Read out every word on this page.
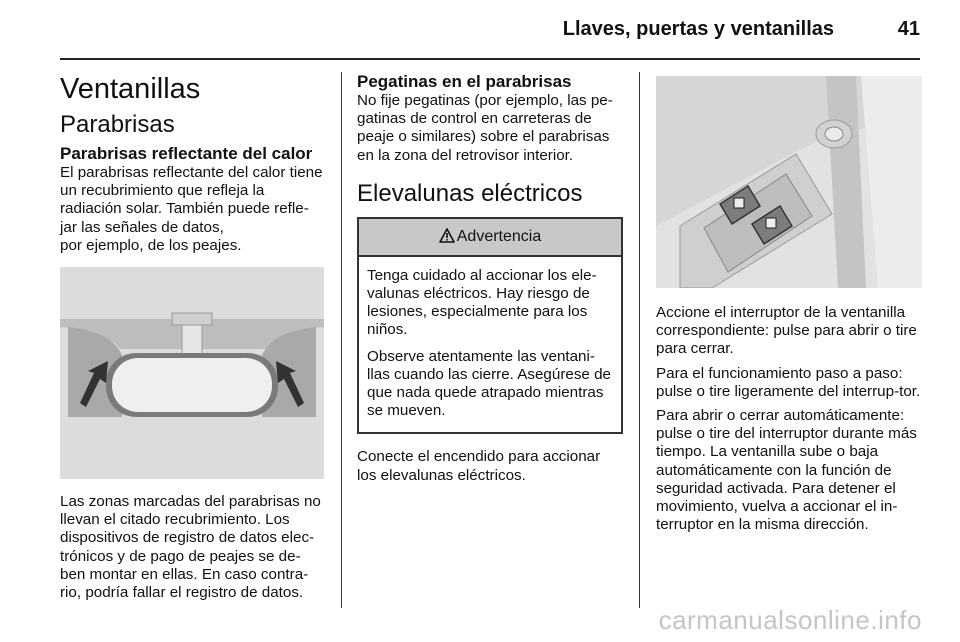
Llaves, puertas y ventanillas	41
Ventanillas
Parabrisas
Parabrisas reflectante del calor

El parabrisas reflectante del calor tiene un recubrimiento que refleja la radiación solar. También puede refle-jar las señales de datos,

por ejemplo, de los peajes.

Las zonas marcadas del parabrisas no llevan el citado recubrimiento. Los dispositivos de registro de datos elec-trónicos y de pago de peajes se de-ben montar en ellas. En caso contra-rio, podría fallar el registro de datos.

Pegatinas en el parabrisas

No fije pegatinas (por ejemplo, las pe-gatinas de control en carreteras de peaje o similares) sobre el parabrisas en la zona del retrovisor interior.

Elevalunas eléctricos
Advertencia

Tenga cuidado al accionar los ele-valunas eléctricos. Hay riesgo de lesiones, especialmente para los niños.

Observe atentamente las ventani-llas cuando las cierre. Asegúrese de que nada quede atrapado mientras se mueven.

Conecte el encendido para accionar los elevalunas eléctricos.

Accione el interruptor de la ventanilla correspondiente: pulse para abrir o tire para cerrar.

Para el funcionamiento paso a paso: pulse o tire ligeramente del interrup-tor.

Para abrir o cerrar automáticamente: pulse o tire del interruptor durante más tiempo. La ventanilla sube o baja automáticamente con la función de seguridad activada. Para detener el movimiento, vuelva a accionar el in-terruptor en la misma dirección.

carmanualsonline.info
